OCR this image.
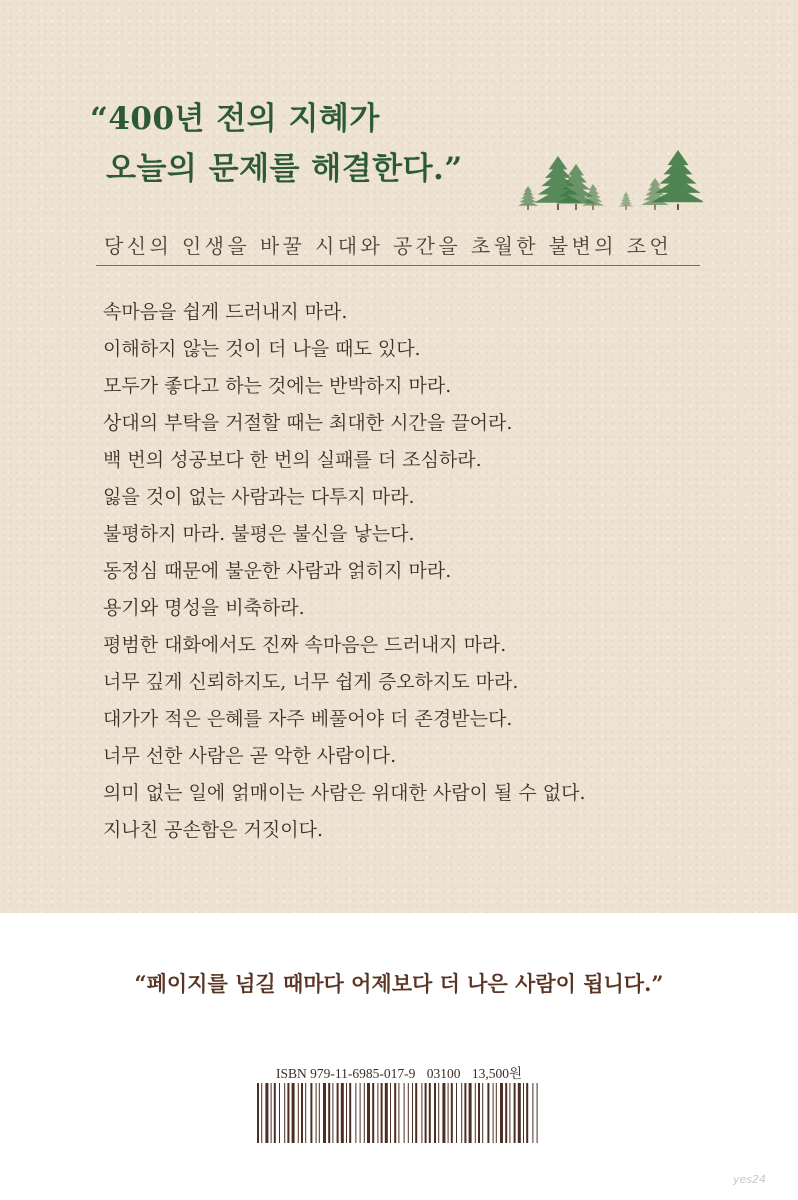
“400년 전의 지혜가
오늘의 문제를 해결한다.”

당신의 인생을 바꿀 시대와 공간을 초월한 불변의 조언

속마음을 쉽게 드러내지 마라.
이해하지 않는 것이 더 나을 때도 있다.
모두가 좋다고 하는 것에는 반박하지 마라.
상대의 부탁을 거절할 때는 최대한 시간을 끌어라.
백 번의 성공보다 한 번의 실패를 더 조심하라.
잃을 것이 없는 사람과는 다투지 마라.
불평하지 마라. 불평은 불신을 낳는다.
동정심 때문에 불운한 사람과 얽히지 마라.
용기와 명성을 비축하라.
평범한 대화에서도 진짜 속마음은 드러내지 마라.
너무 깊게 신뢰하지도, 너무 쉽게 증오하지도 마라.
대가가 적은 은혜를 자주 베풀어야 더 존경받는다.
너무 선한 사람은 곧 악한 사람이다.
의미 없는 일에 얽매이는 사람은 위대한 사람이 될 수 없다.
지나친 공손함은 거짓이다.

“페이지를 넘길 때마다 어제보다 더 나은 사람이 됩니다.”

ISBN 979-11-6985-017-9 03100 13,500원
yes24
